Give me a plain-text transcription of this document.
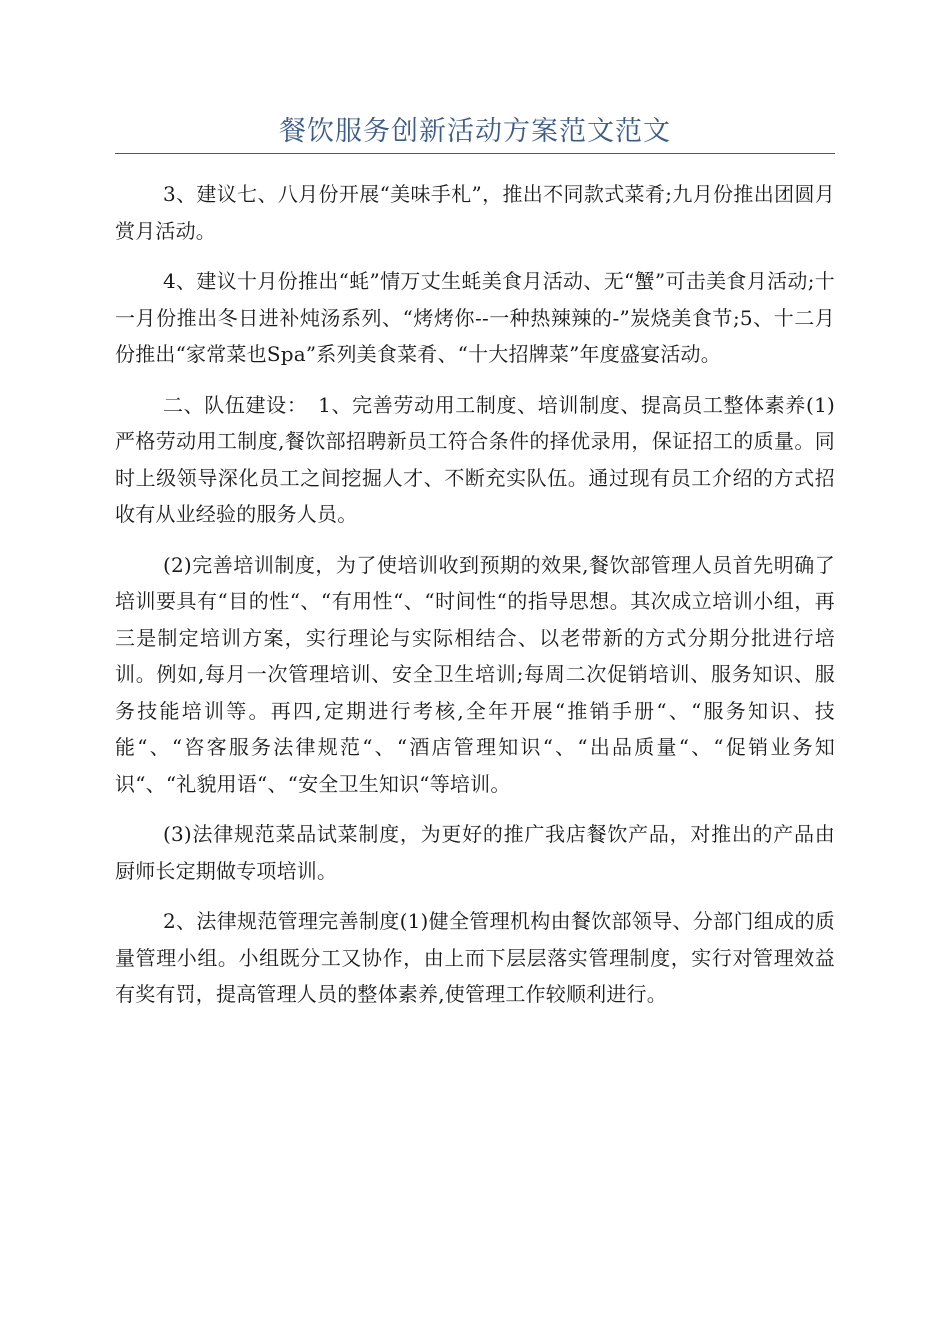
餐饮服务创新活动方案范文范文

3、建议七、八月份开展“美味手札”，推出不同款式菜肴;九月份推出团圆月赏月活动。

4、建议十月份推出“蚝”情万丈生蚝美食月活动、无“蟹”可击美食月活动;十一月份推出冬日进补炖汤系列、“烤烤你--一种热辣辣的-”炭烧美食节;5、十二月份推出“家常菜也Spa”系列美食菜肴、“十大招牌菜”年度盛宴活动。

二、队伍建设：　1、完善劳动用工制度、培训制度、提高员工整体素养(1)严格劳动用工制度,餐饮部招聘新员工符合条件的择优录用，保证招工的质量。同时上级领导深化员工之间挖掘人才、不断充实队伍。通过现有员工介绍的方式招收有从业经验的服务人员。

(2)完善培训制度，为了使培训收到预期的效果,餐饮部管理人员首先明确了培训要具有“目的性“、“有用性“、“时间性“的指导思想。其次成立培训小组，再三是制定培训方案，实行理论与实际相结合、以老带新的方式分期分批进行培训。例如,每月一次管理培训、安全卫生培训;每周二次促销培训、服务知识、服务技能培训等。再四,定期进行考核,全年开展“推销手册“、“服务知识、技能“、“咨客服务法律规范“、“酒店管理知识“、“出品质量“、“促销业务知识“、“礼貌用语“、“安全卫生知识“等培训。

(3)法律规范菜品试菜制度，为更好的推广我店餐饮产品，对推出的产品由厨师长定期做专项培训。

2、法律规范管理完善制度(1)健全管理机构由餐饮部领导、分部门组成的质量管理小组。小组既分工又协作，由上而下层层落实管理制度，实行对管理效益有奖有罚，提高管理人员的整体素养,使管理工作较顺利进行。
